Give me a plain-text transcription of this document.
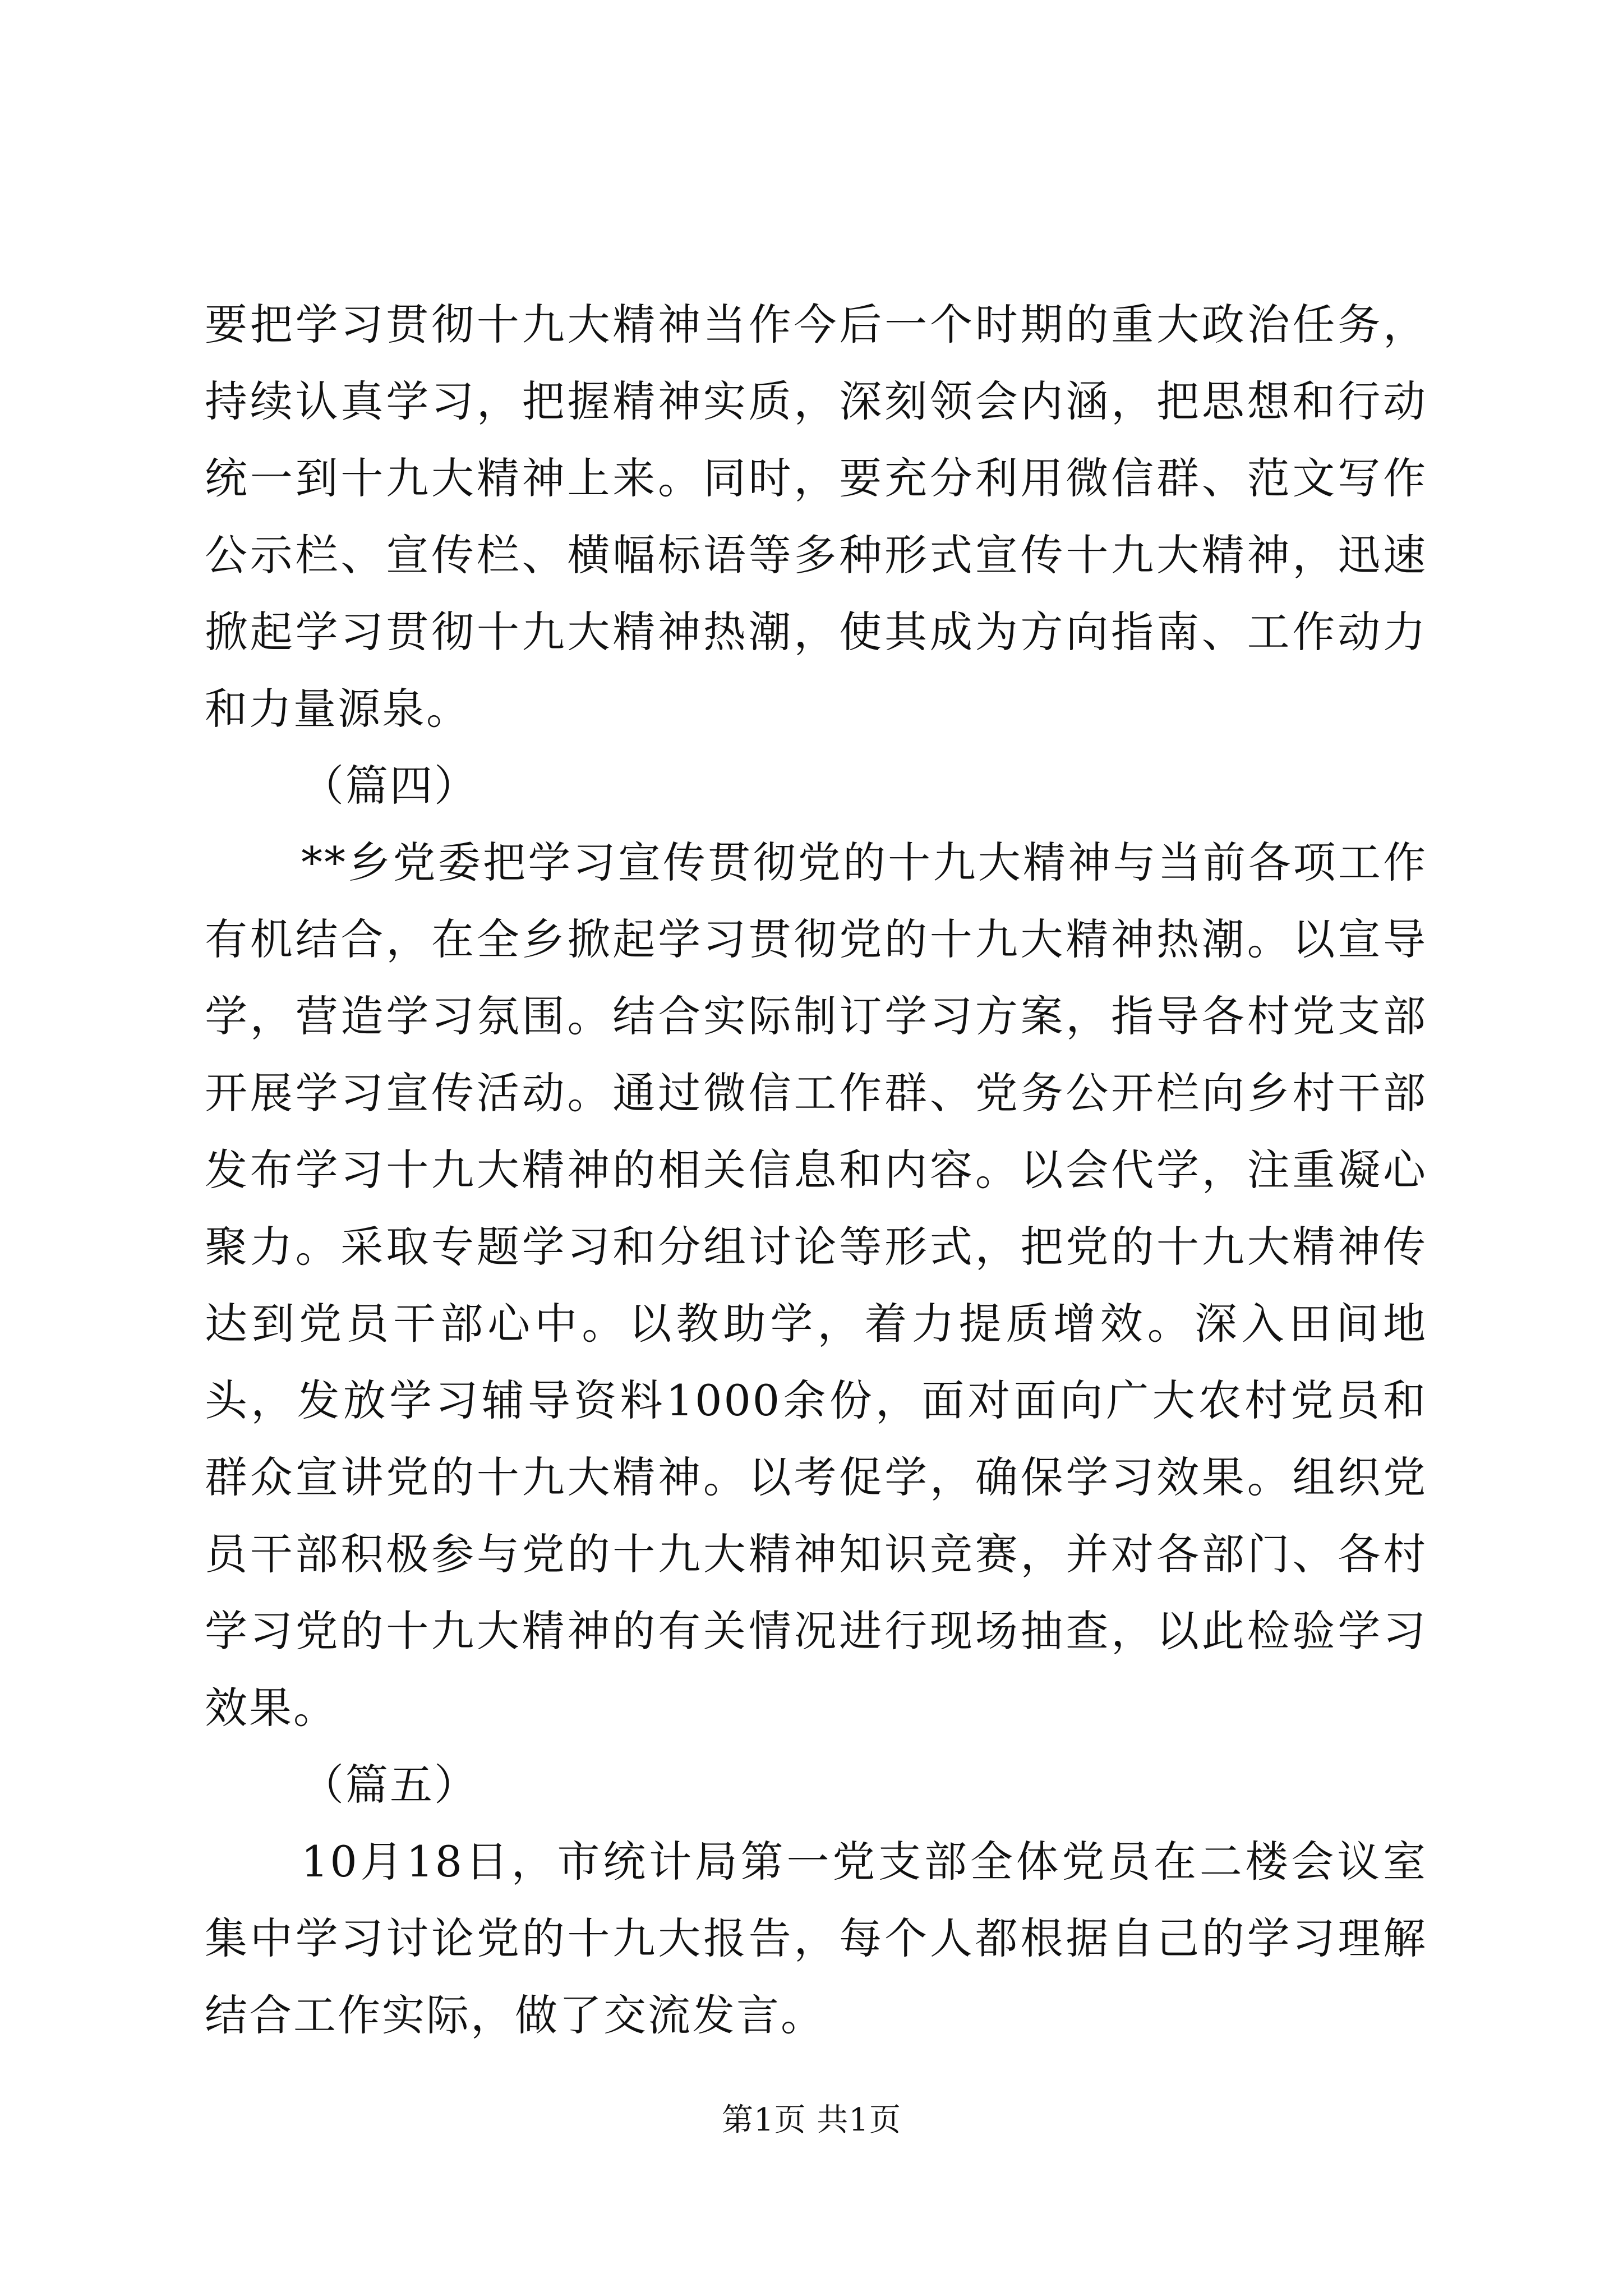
要把学习贯彻十九大精神当作今后一个时期的重大政治任务，持续认真学习，把握精神实质，深刻领会内涵，把思想和行动统一到十九大精神上来。同时，要充分利用微信群、范文写作公示栏、宣传栏、横幅标语等多种形式宣传十九大精神，迅速掀起学习贯彻十九大精神热潮，使其成为方向指南、工作动力和力量源泉。

（篇四）

**乡党委把学习宣传贯彻党的十九大精神与当前各项工作有机结合，在全乡掀起学习贯彻党的十九大精神热潮。以宣导学，营造学习氛围。结合实际制订学习方案，指导各村党支部开展学习宣传活动。通过微信工作群、党务公开栏向乡村干部发布学习十九大精神的相关信息和内容。以会代学，注重凝心聚力。采取专题学习和分组讨论等形式，把党的十九大精神传达到党员干部心中。以教助学，着力提质增效。深入田间地头，发放学习辅导资料1000余份，面对面向广大农村党员和群众宣讲党的十九大精神。以考促学，确保学习效果。组织党员干部积极参与党的十九大精神知识竞赛，并对各部门、各村学习党的十九大精神的有关情况进行现场抽查，以此检验学习效果。

（篇五）

10月18日，市统计局第一党支部全体党员在二楼会议室集中学习讨论党的十九大报告，每个人都根据自己的学习理解结合工作实际，做了交流发言。

第1页 共1页
